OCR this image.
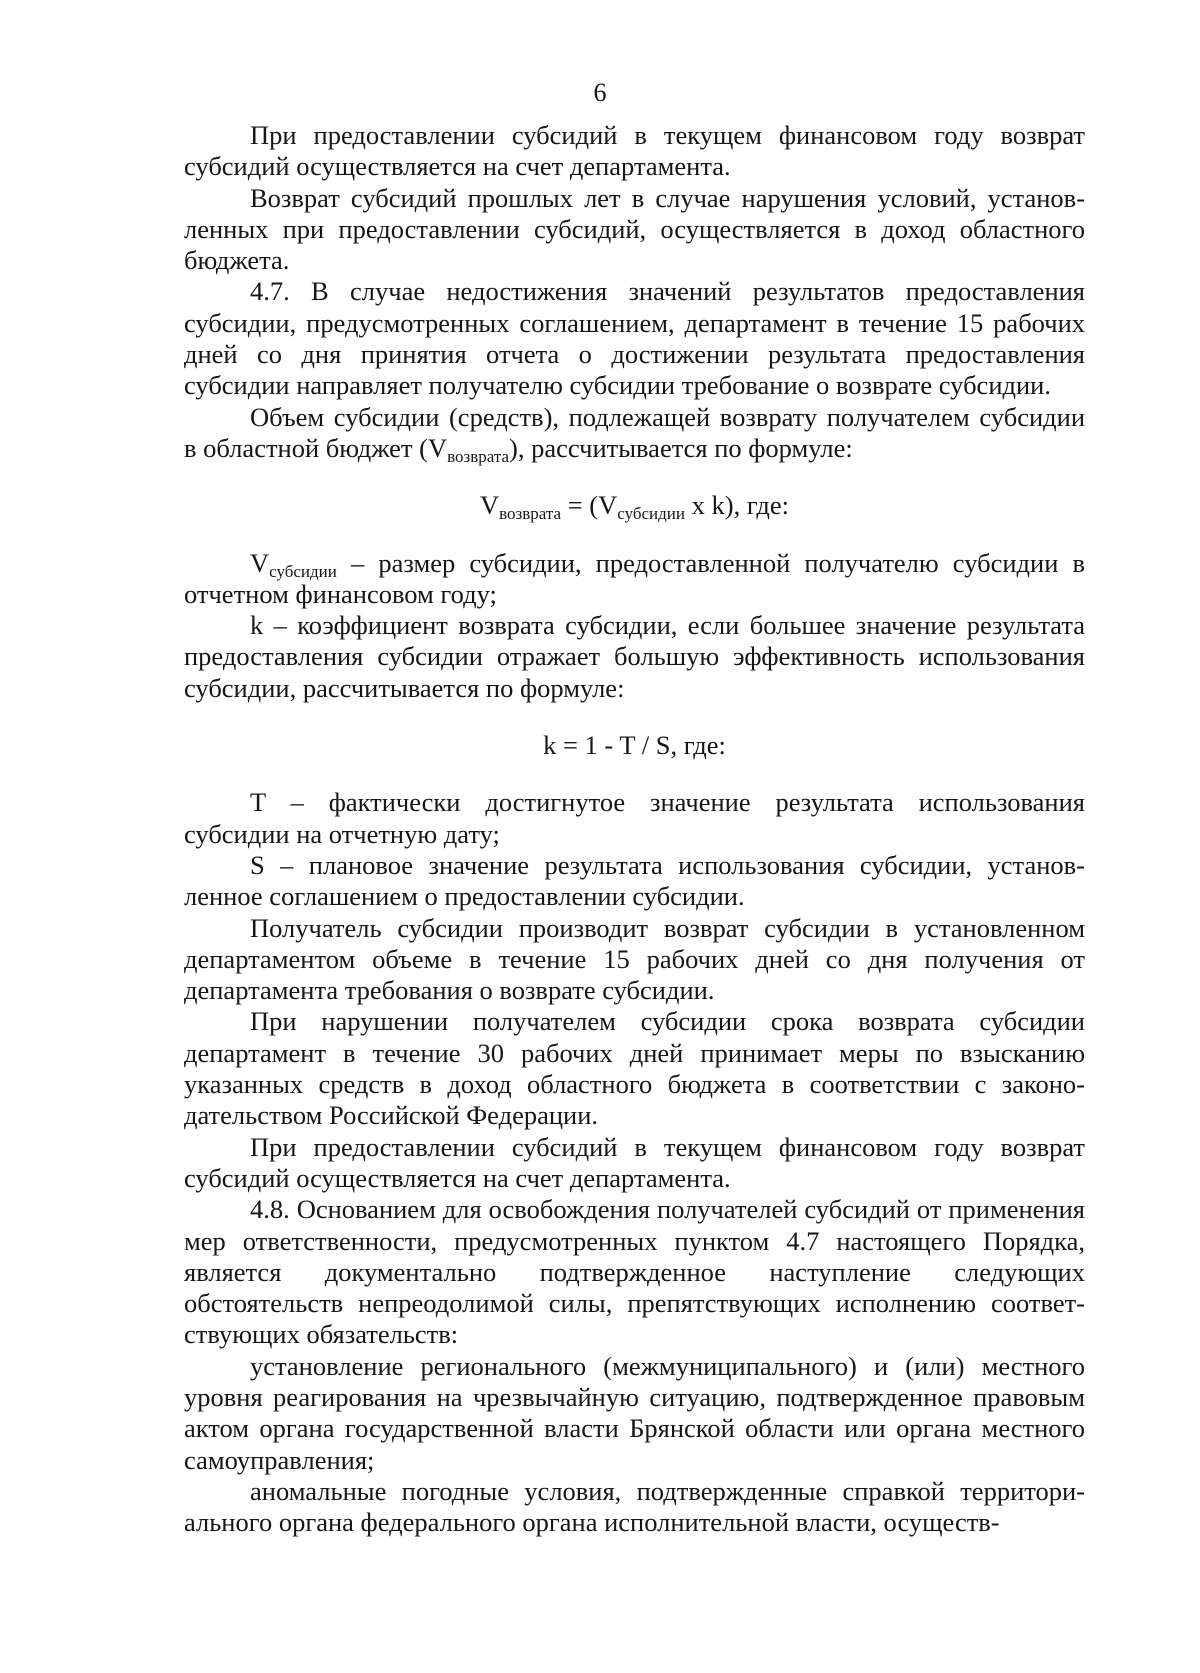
6

При предоставлении субсидий в текущем финансовом году возврат субсидий осуществляется на счет департамента.

Возврат субсидий прошлых лет в случае нарушения условий, установленных при предоставлении субсидий, осуществляется в доход областного бюджета.

4.7. В случае недостижения значений результатов предоставления субсидии, предусмотренных соглашением, департамент в течение 15 рабочих дней со дня принятия отчета о достижении результата предоставления субсидии направляет получателю субсидии требование о возврате субсидии.

Объем субсидии (средств), подлежащей возврату получателем субсидии в областной бюджет (Vвозврата), рассчитывается по формуле:

$V_{возврата} = (V_{субсидии}$ x k), где:

Vсубсидии – размер субсидии, предоставленной получателю субсидии в отчетном финансовом году;

k – коэффициент возврата субсидии, если большее значение результата предоставления субсидии отражает большую эффективность использования субсидии, рассчитывается по формуле:

k = 1 - T / S, где:

T – фактически достигнутое значение результата использования субсидии на отчетную дату;

S – плановое значение результата использования субсидии, установленное соглашением о предоставлении субсидии.

Получатель субсидии производит возврат субсидии в установленном департаментом объеме в течение 15 рабочих дней со дня получения от департамента требования о возврате субсидии.

При нарушении получателем субсидии срока возврата субсидии департамент в течение 30 рабочих дней принимает меры по взысканию указанных средств в доход областного бюджета в соответствии с законодательством Российской Федерации.

При предоставлении субсидий в текущем финансовом году возврат субсидий осуществляется на счет департамента.

4.8. Основанием для освобождения получателей субсидий от применения мер ответственности, предусмотренных пунктом 4.7 настоящего Порядка, является документально подтвержденное наступление следующих обстоятельств непреодолимой силы, препятствующих исполнению соответствующих обязательств:

установление регионального (межмуниципального) и (или) местного уровня реагирования на чрезвычайную ситуацию, подтвержденное правовым актом органа государственной власти Брянской области или органа местного самоуправления;

аномальные погодные условия, подтвержденные справкой территориального органа федерального органа исполнительной власти, осуществ-
